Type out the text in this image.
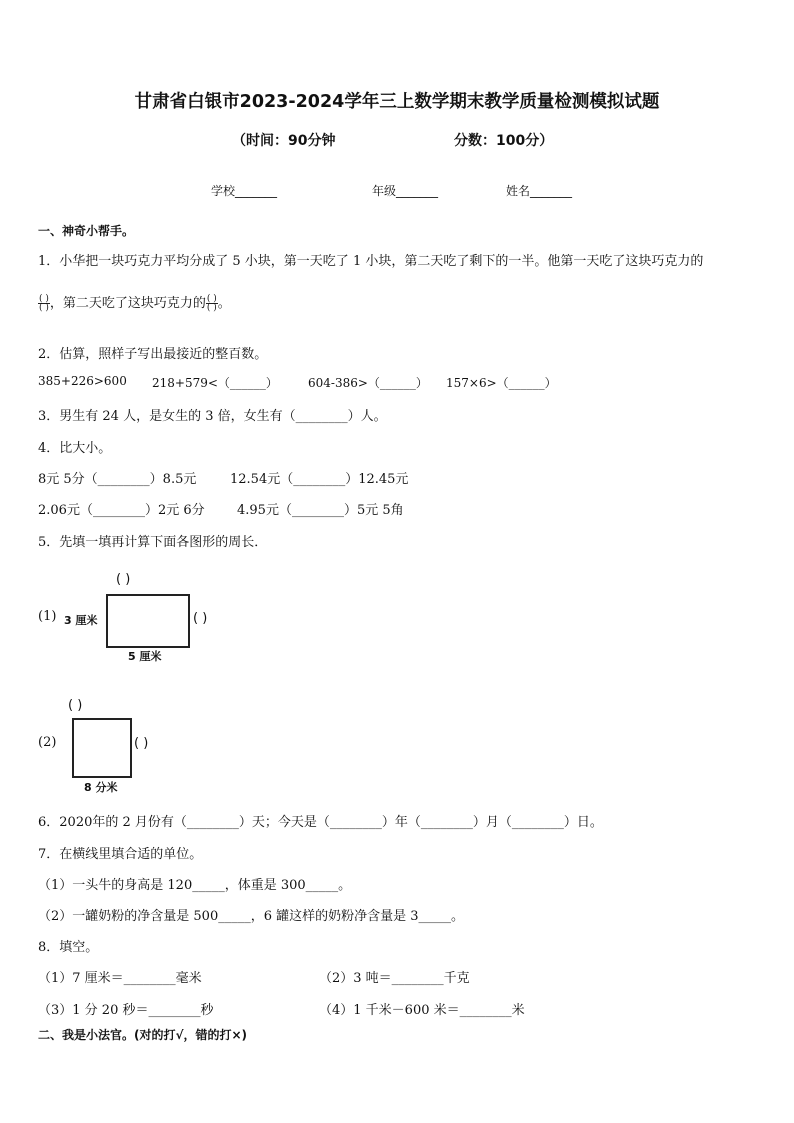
甘肃省白银市2023-2024学年三上数学期末教学质量检测模拟试题
（时间：90分钟	分数：100分）
学校_______	年级_______	姓名_______
一、神奇小帮手。
1．小华把一块巧克力平均分成了 5 小块，第一天吃了 1 小块，第二天吃了剩下的一半。他第一天吃了这块巧克力的
$\frac{( )}{( )}$ ，第二天吃了这块巧克力的 $\frac{( )}{( )}$ 。
2．估算，照样子写出最接近的整百数。
385+226>600 218+579<（______）	604-386>（______） 157×6>（______）
3．男生有 24 人，是女生的 3 倍，女生有（________）人。
4．比大小。
8元 5分（________）8.5元	12.54元（________）12.45元
2.06元（________）2元 6分 4.95元（________）5元 5角
5．先填一填再计算下面各图形的周长．
(1)
( )
3 厘米	( )
5 厘米
(2)
( )
( )
8 分米
6．2020年的 2 月份有（________）天；今天是（________）年（________）月（________）日。
7．在横线里填合适的单位。
（1）一头牛的身高是 120_____，体重是 300_____。
（2）一罐奶粉的净含量是 500_____，6 罐这样的奶粉净含量是 3_____。
8．填空。
（1）7 厘米＝________毫米	（2）3 吨＝________千克
（3）1 分 20 秒＝________秒	（4）1 千米－600 米＝________米
二、我是小法官。(对的打√，错的打×)
